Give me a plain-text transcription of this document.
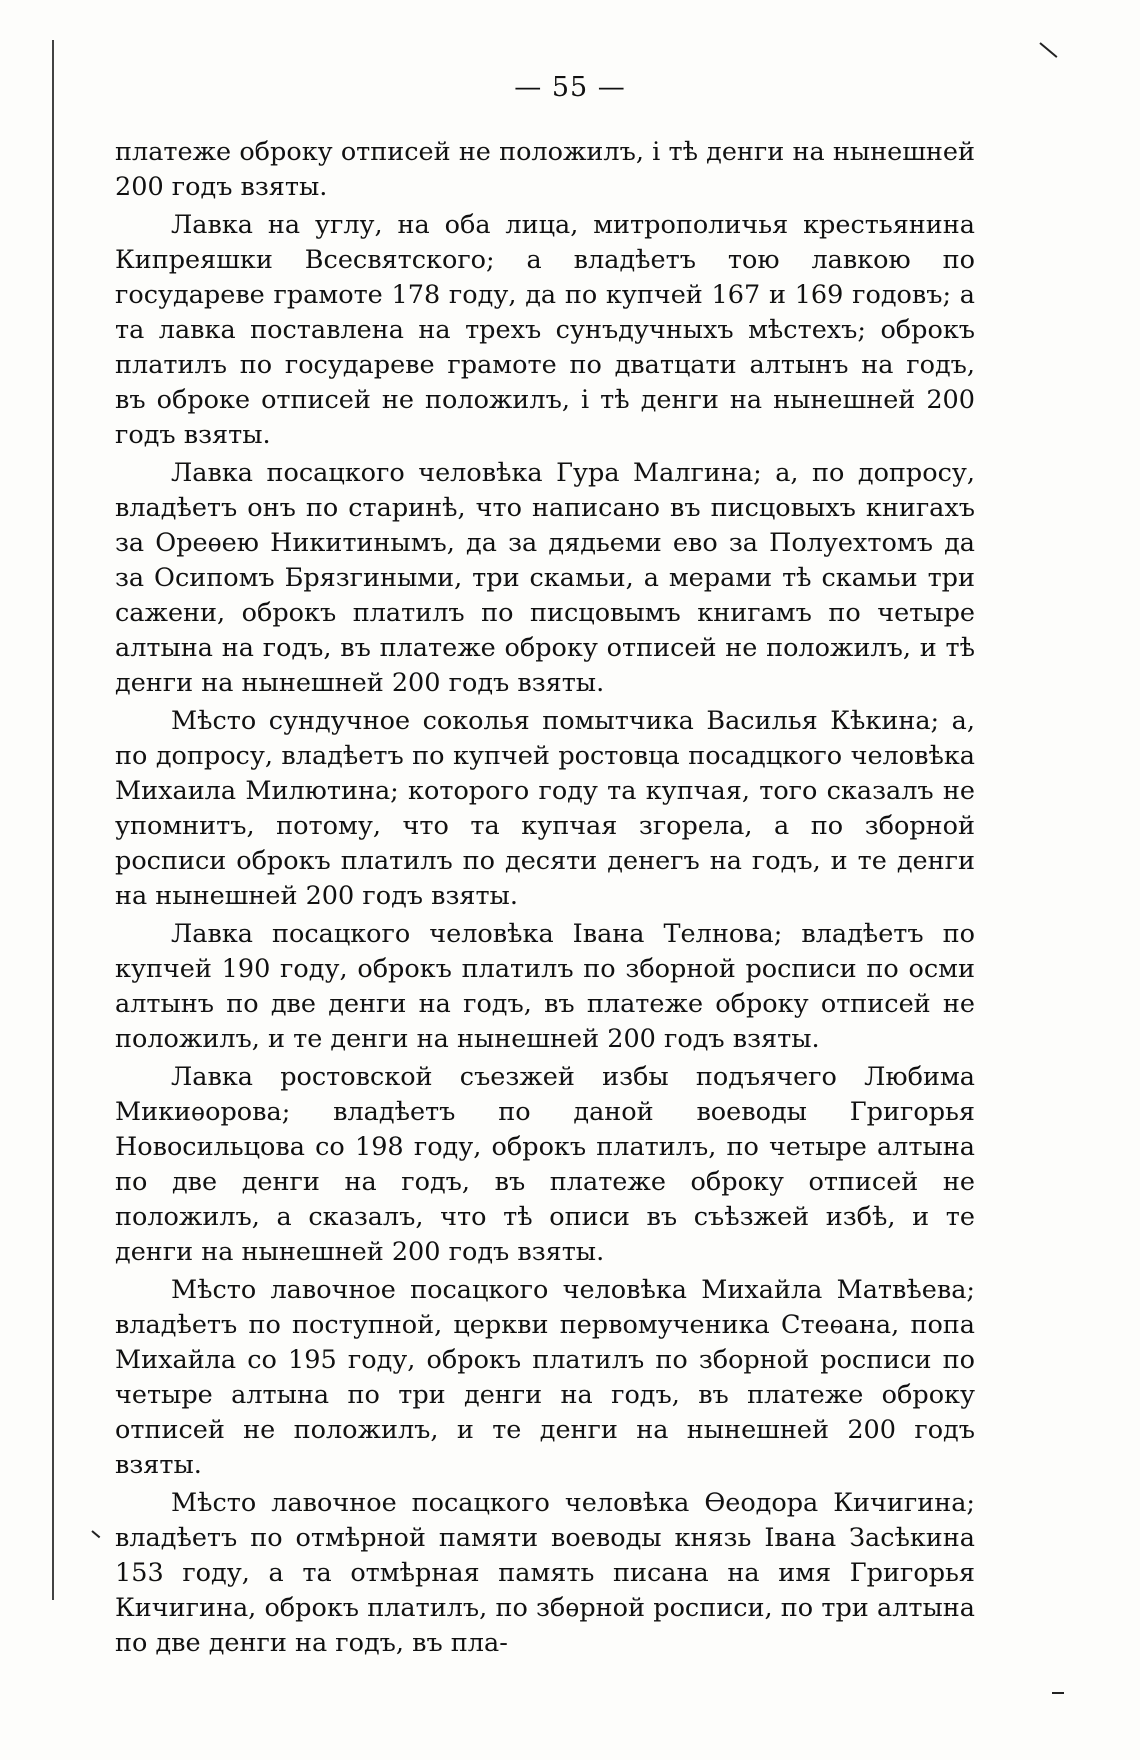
— 55 —

платеже оброку отписей не положилъ, і тѣ денги на нынешней 200 годъ взяты.

Лавка на углу, на оба лица, митрополичья крестьянина Кипреяшки Всесвятского; а владѣетъ тою лавкою по государеве грамоте 178 году, да по купчей 167 и 169 годовъ; а та лавка поставлена на трехъ сунъдучныхъ мѣстехъ; оброкъ платилъ по государеве грамоте по дватцати алтынъ на годъ, въ оброке отписей не положилъ, і тѣ денги на нынешней 200 годъ взяты.

Лавка посацкого человѣка Гура Малгина; а, по допросу, владѣетъ онъ по старинѣ, что написано въ писцовыхъ книгахъ за Ореѳею Никитинымъ, да за дядьеми ево за Полуехтомъ да за Осипомъ Брязгиными, три скамьи, а мерами тѣ скамьи три сажени, оброкъ платилъ по писцовымъ книгамъ по четыре алтына на годъ, въ платеже оброку отписей не положилъ, и тѣ денги на нынешней 200 годъ взяты.

Мѣсто сундучное соколья помытчика Василья Кѣкина; а, по допросу, владѣетъ по купчей ростовца посадцкого человѣка Михаила Милютина; которого году та купчая, того сказалъ не упомнитъ, потому, что та купчая згорела, а по зборной росписи оброкъ платилъ по десяти денегъ на годъ, и те денги на нынешней 200 годъ взяты.

Лавка посацкого человѣка Івана Телнова; владѣетъ по купчей 190 году, оброкъ платилъ по зборной росписи по осми алтынъ по две денги на годъ, въ платеже оброку отписей не положилъ, и те денги на нынешней 200 годъ взяты.

Лавка ростовской съезжей избы подъячего Любима Микиѳорова; владѣетъ по даной воеводы Григорья Новосильцова со 198 году, оброкъ платилъ, по четыре алтына по две денги на годъ, въ платеже оброку отписей не положилъ, а сказалъ, что тѣ описи въ съѣзжей избѣ, и те денги на нынешней 200 годъ взяты.

Мѣсто лавочное посацкого человѣка Михайла Матвѣева; владѣетъ по поступной, церкви первомученика Стеѳана, попа Михайла со 195 году, оброкъ платилъ по зборной росписи по четыре алтына по три денги на годъ, въ платеже оброку отписей не положилъ, и те денги на нынешней 200 годъ взяты.

Мѣсто лавочное посацкого человѣка Ѳеодора Кичигина; владѣетъ по отмѣрной памяти воеводы князь Івана Засѣкина 153 году, а та отмѣрная память писана на имя Григорья Кичигина, оброкъ платилъ, по збѳрной росписи, по три алтына по две денги на годъ, въ пла-
